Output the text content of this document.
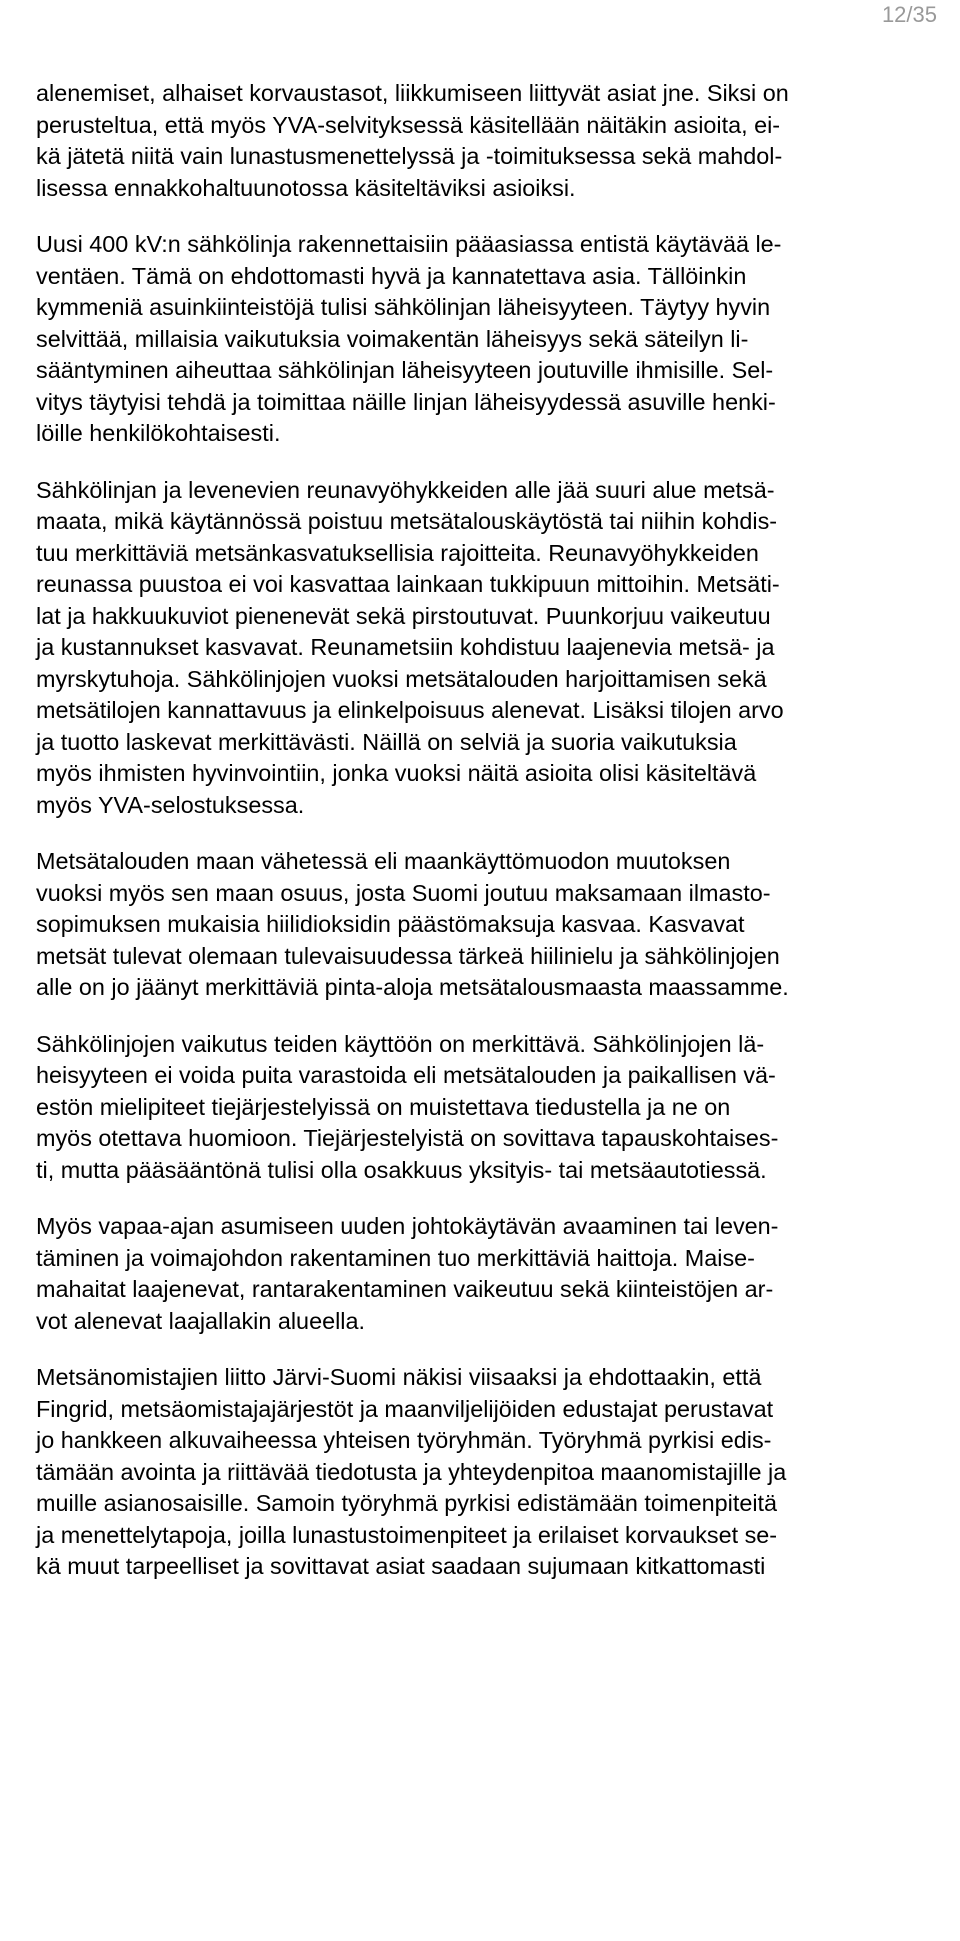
12/35
alenemiset, alhaiset korvaustasot, liikkumiseen liittyvät asiat jne. Siksi on
perusteltua, että myös YVA-selvityksessä käsitellään näitäkin asioita, ei-
kä jätetä niitä vain lunastusmenettelyssä ja -toimituksessa sekä mahdol-
lisessa ennakkohaltuunotossa käsiteltäviksi asioiksi.
Uusi 400 kV:n sähkölinja rakennettaisiin pääasiassa entistä käytävää le-
ventäen. Tämä on ehdottomasti hyvä ja kannatettava asia. Tällöinkin
kymmeniä asuinkiinteistöjä tulisi sähkölinjan läheisyyteen. Täytyy hyvin
selvittää, millaisia vaikutuksia voimakentän läheisyys sekä säteilyn li-
sääntyminen aiheuttaa sähkölinjan läheisyyteen joutuville ihmisille. Sel-
vitys täytyisi tehdä ja toimittaa näille linjan läheisyydessä asuville henki-
löille henkilökohtaisesti.
Sähkölinjan ja levenevien reunavyöhykkeiden alle jää suuri alue metsä-
maata, mikä käytännössä poistuu metsätalouskäytöstä tai niihin kohdis-
tuu merkittäviä metsänkasvatuksellisia rajoitteita. Reunavyöhykkeiden
reunassa puustoa ei voi kasvattaa lainkaan tukkipuun mittoihin. Metsäti-
lat ja hakkuukuviot pienenevät sekä pirstoutuvat. Puunkorjuu vaikeutuu
ja kustannukset kasvavat. Reunametsiin kohdistuu laajenevia metsä- ja
myrskytuhoja. Sähkölinjojen vuoksi metsätalouden harjoittamisen sekä
metsätilojen kannattavuus ja elinkelpoisuus alenevat. Lisäksi tilojen arvo
ja tuotto laskevat merkittävästi. Näillä on selviä ja suoria vaikutuksia
myös ihmisten hyvinvointiin, jonka vuoksi näitä asioita olisi käsiteltävä
myös YVA-selostuksessa.
Metsätalouden maan vähetessä eli maankäyttömuodon muutoksen
vuoksi myös sen maan osuus, josta Suomi joutuu maksamaan ilmasto-
sopimuksen mukaisia hiilidioksidin päästömaksuja kasvaa. Kasvavat
metsät tulevat olemaan tulevaisuudessa tärkeä hiilinielu ja sähkölinjojen
alle on jo jäänyt merkittäviä pinta-aloja metsätalousmaasta maassamme.
Sähkölinjojen vaikutus teiden käyttöön on merkittävä. Sähkölinjojen lä-
heisyyteen ei voida puita varastoida eli metsätalouden ja paikallisen vä-
estön mielipiteet tiejärjestelyissä on muistettava tiedustella ja ne on
myös otettava huomioon. Tiejärjestelyistä on sovittava tapauskohtaises-
ti, mutta pääsääntönä tulisi olla osakkuus yksityis- tai metsäautotiessä.
Myös vapaa-ajan asumiseen uuden johtokäytävän avaaminen tai leven-
täminen ja voimajohdon rakentaminen tuo merkittäviä haittoja. Maise-
mahaitat laajenevat, rantarakentaminen vaikeutuu sekä kiinteistöjen ar-
vot alenevat laajallakin alueella.
Metsänomistajien liitto Järvi-Suomi näkisi viisaaksi ja ehdottaakin, että
Fingrid, metsäomistajajärjestöt ja maanviljelijöiden edustajat perustavat
jo hankkeen alkuvaiheessa yhteisen työryhmän. Työryhmä pyrkisi edis-
tämään avointa ja riittävää tiedotusta ja yhteydenpitoa maanomistajille ja
muille asianosaisille. Samoin työryhmä pyrkisi edistämään toimenpiteitä
ja menettelytapoja, joilla lunastustoimenpiteet ja erilaiset korvaukset se-
kä muut tarpeelliset ja sovittavat asiat saadaan sujumaan kitkattomasti
